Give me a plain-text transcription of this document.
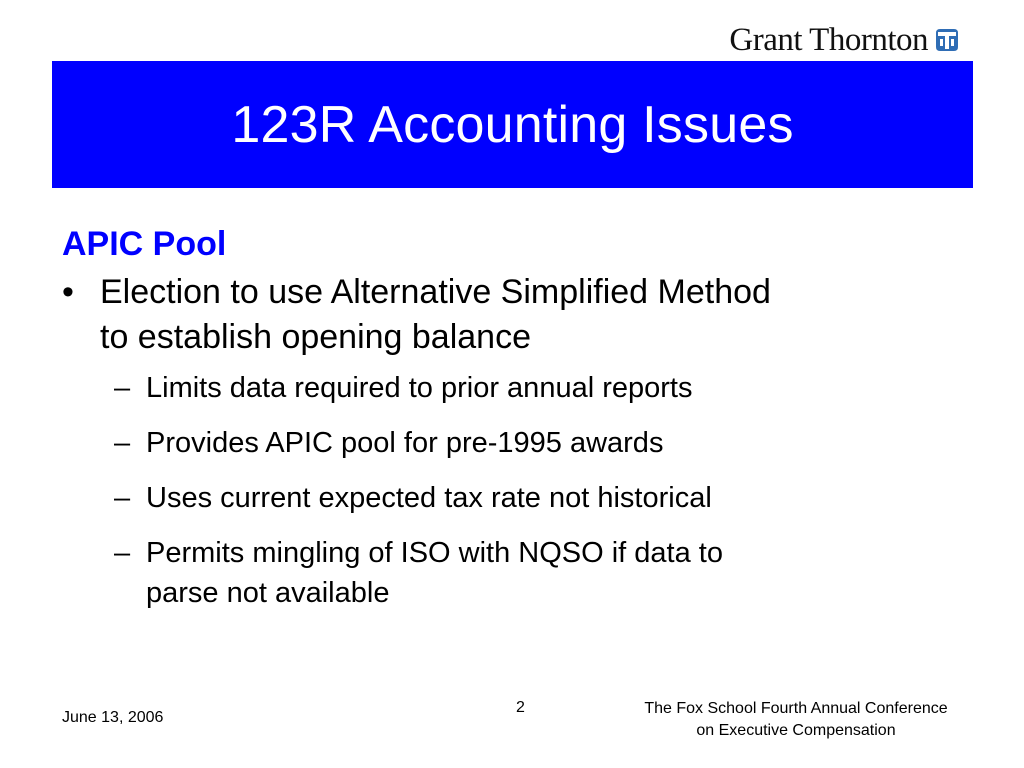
Grant Thornton
123R Accounting Issues
APIC Pool
• Election to use Alternative Simplified Method
to establish opening balance
– Limits data required to prior annual reports
– Provides APIC pool for pre-1995 awards
– Uses current expected tax rate not historical
– Permits mingling of ISO with NQSO if data to
parse not available
June 13, 2006
2	The Fox School Fourth Annual Conference
on Executive Compensation
